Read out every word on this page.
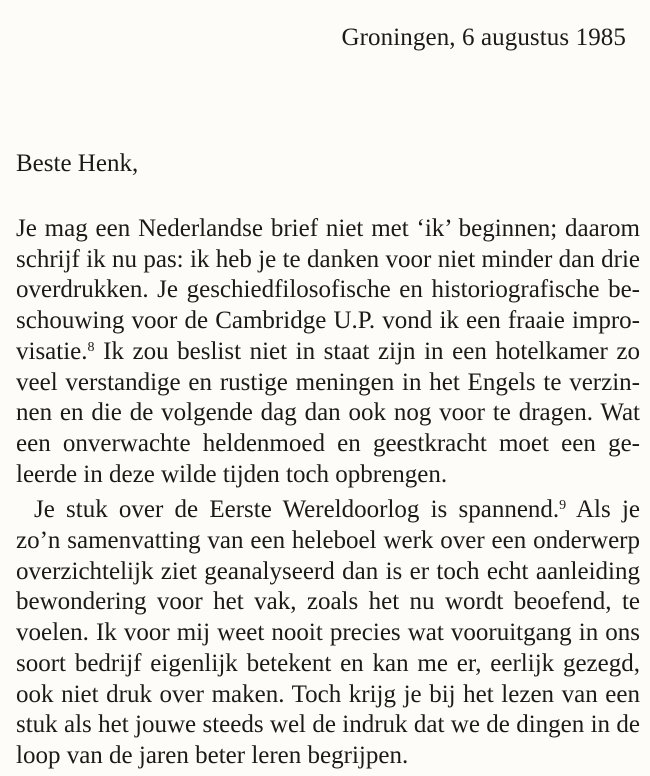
Groningen, 6 augustus 1985
Beste Henk,
Je mag een Nederlandse brief niet met ‘ik’ beginnen; daarom
schrijf ik nu pas: ik heb je te danken voor niet minder dan drie
overdrukken. Je geschiedfilosofische en historiografische be-
schouwing voor de Cambridge U.P. vond ik een fraaie impro-
visatie.$^8$ Ik zou beslist niet in staat zijn in een hotelkamer zo
veel verstandige en rustige meningen in het Engels te verzin-
nen en die de volgende dag dan ook nog voor te dragen. Wat
een onverwachte heldenmoed en geestkracht moet een ge-
leerde in deze wilde tijden toch opbrengen.
Je stuk over de Eerste Wereldoorlog is spannend.$^9$ Als je
zo’n samenvatting van een heleboel werk over een onderwerp
overzichtelijk ziet geanalyseerd dan is er toch echt aanleiding
bewondering voor het vak, zoals het nu wordt beoefend, te
voelen. Ik voor mij weet nooit precies wat vooruitgang in ons
soort bedrijf eigenlijk betekent en kan me er, eerlijk gezegd,
ook niet druk over maken. Toch krijg je bij het lezen van een
stuk als het jouwe steeds wel de indruk dat we de dingen in de
loop van de jaren beter leren begrijpen.
